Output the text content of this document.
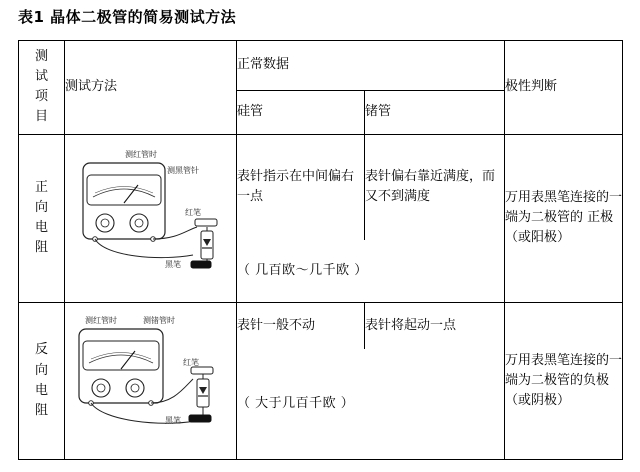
表1 晶体二极管的简易测试方法
测
试
项
目	测试方法	正常数据		极性判断
		硅管	锗管	

正
向
电
阻

测红管时
测黑管针
红笔
黑笔
	表针指示在中间偏右一点	表针偏右靠近满度，而又不到满度	万用表黑笔连接的一端为二极管的 正极（或阳极）
		（ 几百欧～几千欧 ）		

反
向
电
阻

测红管时	测锗管时
红笔
黑笔
	表针一般不动	表针将起动一点	万用表黑笔连接的一端为二极管的负极（或阴极）
		（ 大于几百千欧 ）		
